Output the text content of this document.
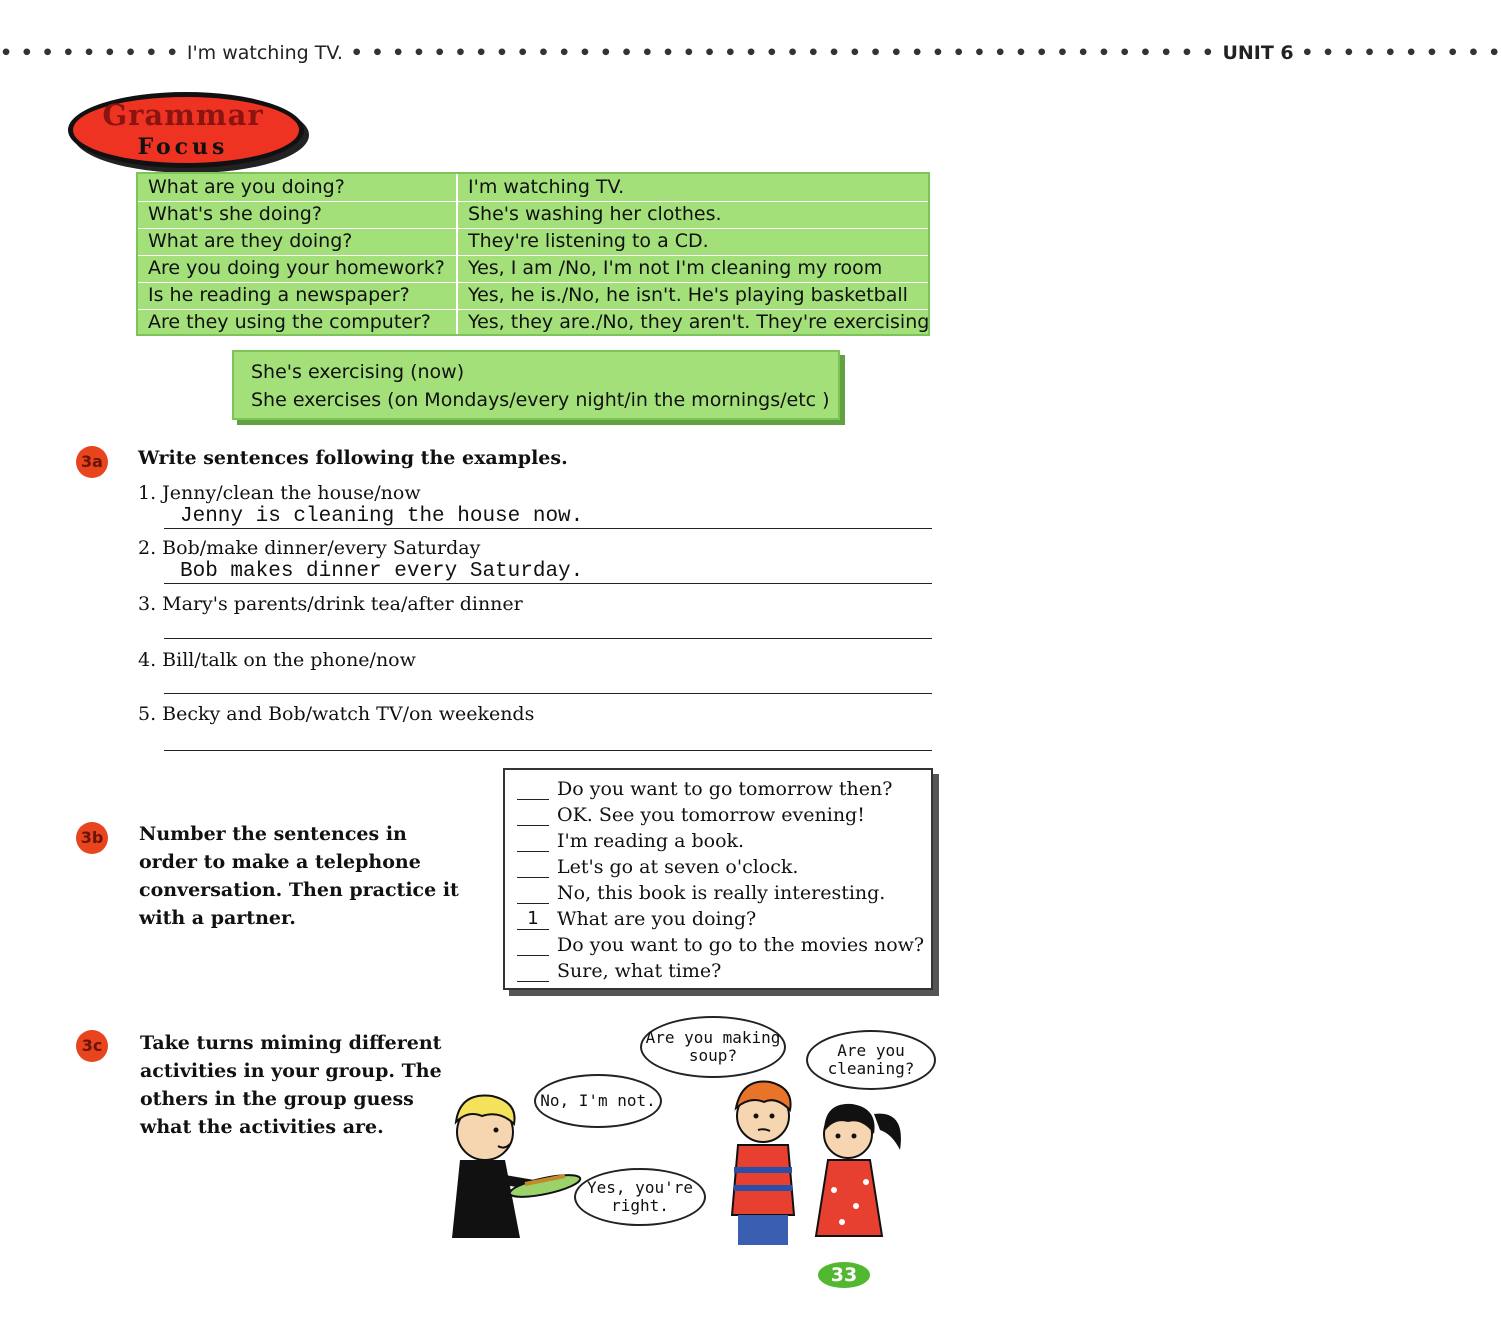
• • • • • • • • • I'm watching TV. • • • • • • • • • • • • • • • • • • • • • • • • • • • • • • • • • • • • • • • • • • UNIT 6 • • • • • • • • • •
Grammar
Focus
What are you doing?	I'm watching TV.
What's she doing?	She's washing her clothes.
What are they doing?	They're listening to a CD.
Are you doing your homework? Yes, I am /No, I'm not I'm cleaning my room
Is he reading a newspaper?	Yes, he is./No, he isn't. He's playing basketball
Are they using the computer? Yes, they are./No, they aren't. They're exercising
She's exercising (now)
She exercises (on Mondays/every night/in the mornings/etc )
3a Write sentences following the examples.
1. Jenny/clean the house/now
Jenny is cleaning the house now.
2. Bob/make dinner/every Saturday
Bob makes dinner every Saturday.
3. Mary's parents/drink tea/after dinner
4. Bill/talk on the phone/now
5. Becky and Bob/watch TV/on weekends
3b Number the sentences in
order to make a telephone
conversation. Then practice it
with a partner.
Do you want to go tomorrow then?
OK. See you tomorrow evening!
I'm reading a book.
Let's go at seven o'clock.
No, this book is really interesting.
1 What are you doing?
Do you want to go to the movies now?
Sure, what time?
3c Take turns miming different
activities in your group. The
others in the group guess
what the activities are.
Are you making soup?	Are you cleaning?
No, I'm not.
Yes, you're right.
33
